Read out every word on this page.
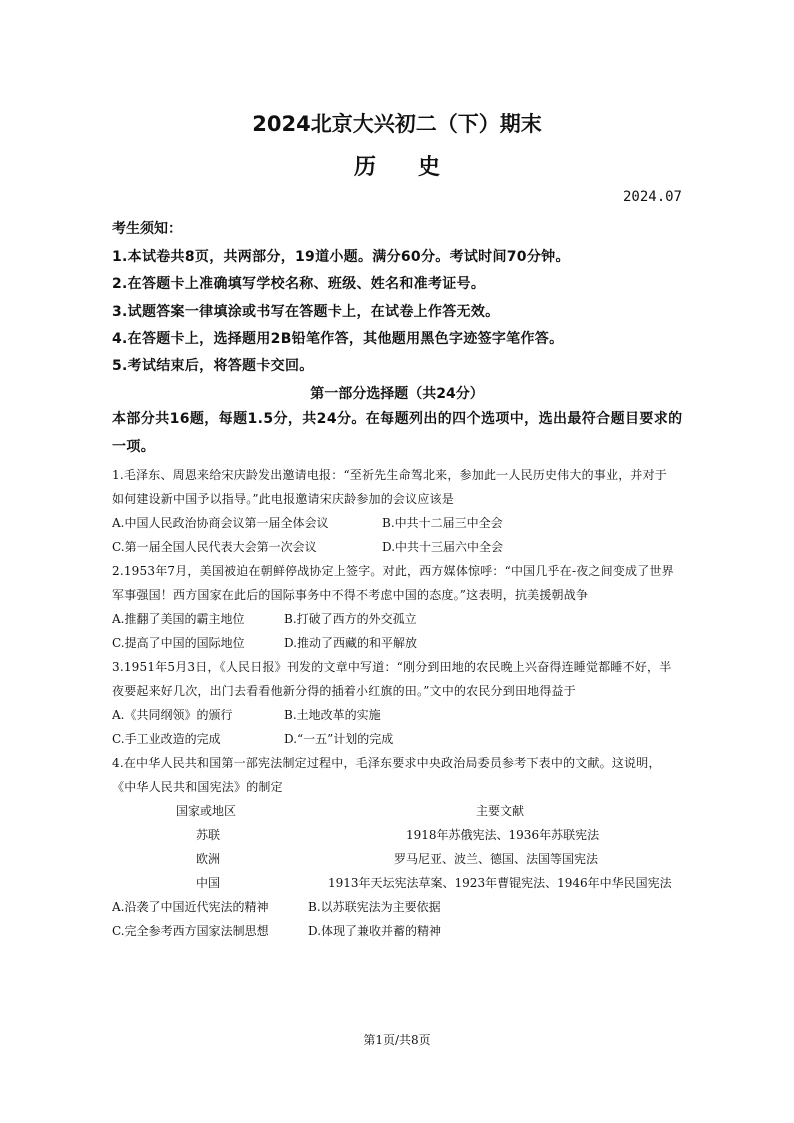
2024北京大兴初二（下）期末
历史
2024.07
考生须知：
1.本试卷共8页，共两部分，19道小题。满分60分。考试时间70分钟。
2.在答题卡上准确填写学校名称、班级、姓名和准考证号。
3.试题答案一律填涂或书写在答题卡上，在试卷上作答无效。
4.在答题卡上，选择题用2B铅笔作答，其他题用黑色字迹签字笔作答。
5.考试结束后，将答题卡交回。
第一部分选择题（共24分）
本部分共16题，每题1.5分，共24分。在每题列出的四个选项中，选出最符合题目要求的
一项。
1.毛泽东、周恩来给宋庆龄发出邀请电报：“至祈先生命驾北来，参加此一人民历史伟大的事业，并对于
如何建设新中国予以指导。”此电报邀请宋庆龄参加的会议应该是
A.中国人民政治协商会议第一届全体会议	B.中共十二届三中全会
C.第一届全国人民代表大会第一次会议	D.中共十三届六中全会
2.1953年7月，美国被迫在朝鲜停战协定上签字。对此，西方媒体惊呼：“中国几乎在-夜之间变成了世界
军事强国！西方国家在此后的国际事务中不得不考虑中国的态度。”这表明，抗美援朝战争
A.推翻了美国的霸主地位	B.打破了西方的外交孤立
C.提高了中国的国际地位	D.推动了西藏的和平解放
3.1951年5月3日，《人民日报》刊发的文章中写道：“刚分到田地的农民晚上兴奋得连睡觉都睡不好，半
夜要起来好几次，出门去看看他新分得的插着小红旗的田。”文中的农民分到田地得益于
A.《共同纲领》的颁行	B.土地改革的实施
C.手工业改造的完成	D.“一五”计划的完成
4.在中华人民共和国第一部宪法制定过程中，毛泽东要求中央政治局委员参考下表中的文献。这说明，
《中华人民共和国宪法》的制定
国家或地区	主要文献
苏联	1918年苏俄宪法、1936年苏联宪法
欧洲	罗马尼亚、波兰、德国、法国等国宪法
中国	1913年天坛宪法草案、1923年曹锟宪法、1946年中华民国宪法
A.沿袭了中国近代宪法的精神	B.以苏联宪法为主要依据
C.完全参考西方国家法制思想	D.体现了兼收并蓄的精神
第1页/共8页
